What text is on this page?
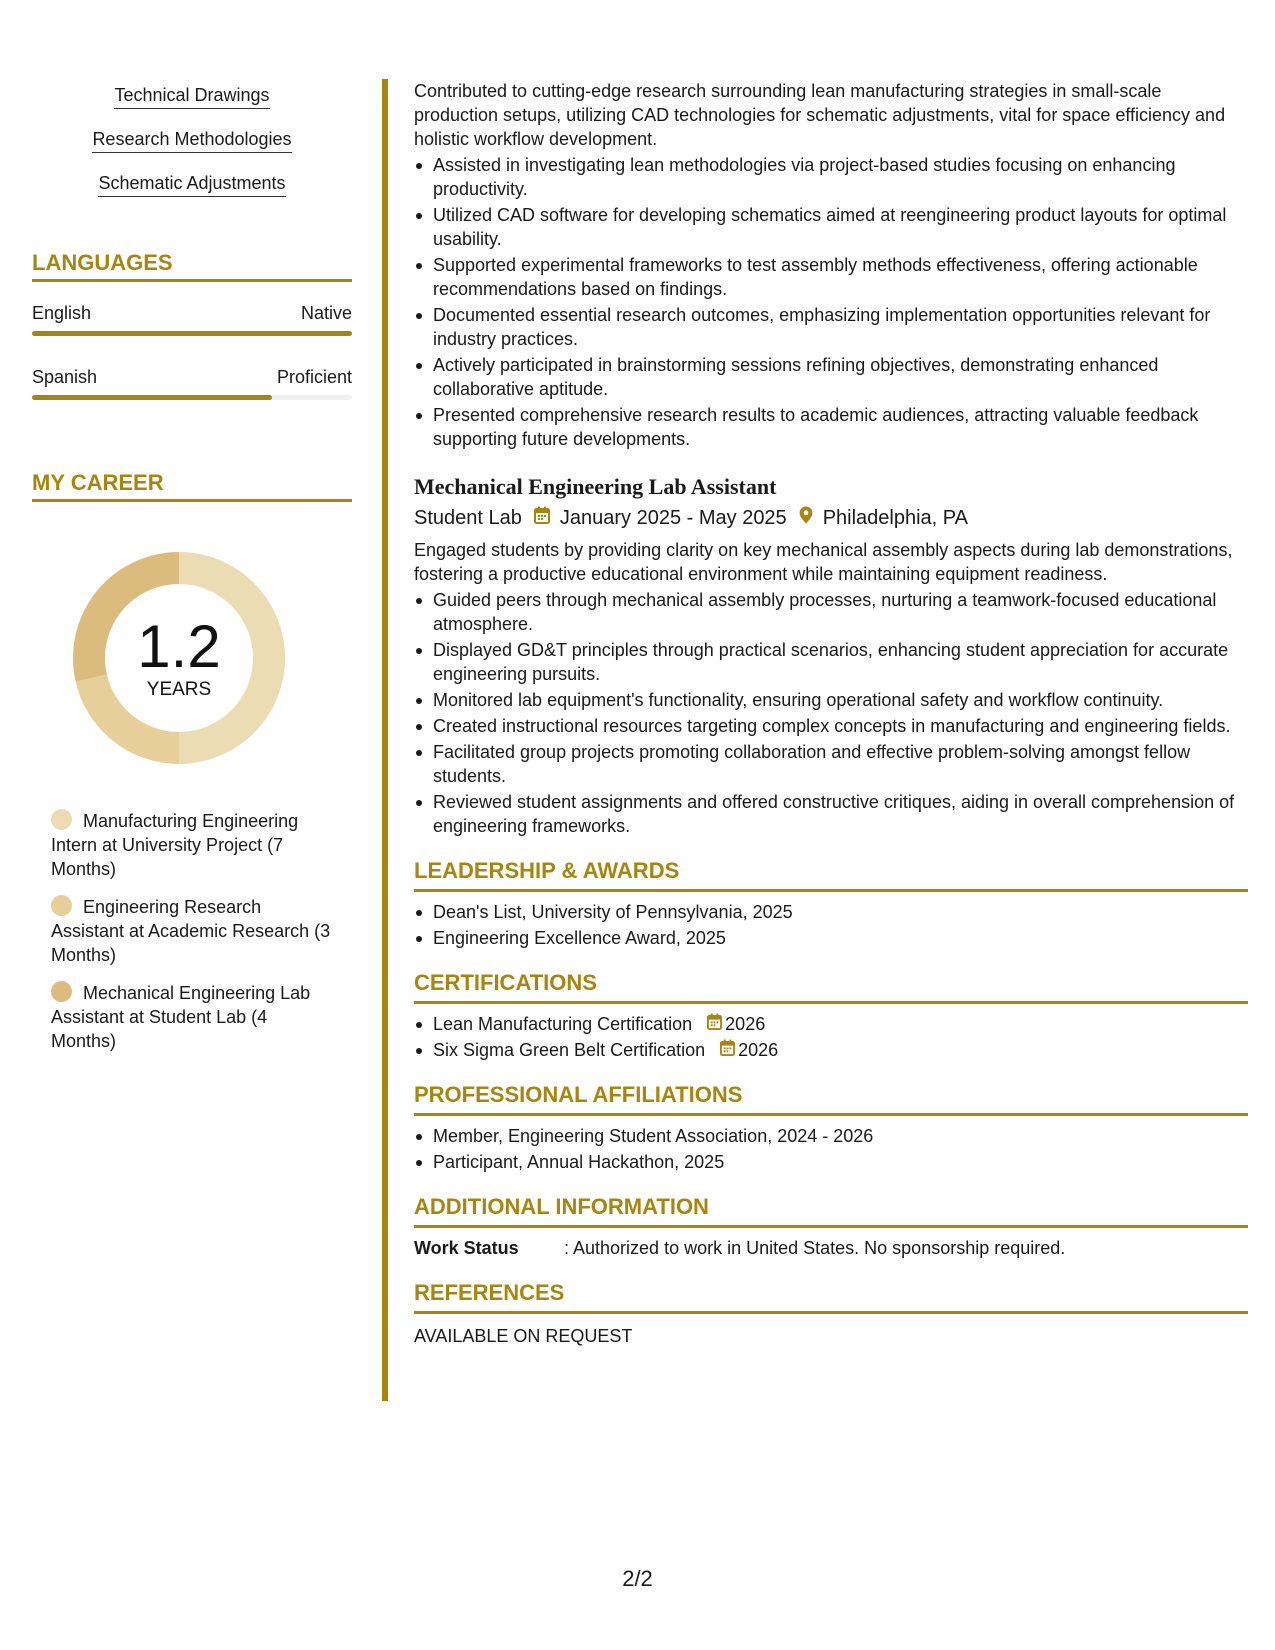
Technical Drawings
Research Methodologies
Schematic Adjustments
LANGUAGES
English	Native
Spanish	Proficient
MY CAREER
1.2
YEARS
Manufacturing Engineering Intern at University Project (7 Months)
Engineering Research Assistant at Academic Research (3 Months)
Mechanical Engineering Lab Assistant at Student Lab (4 Months)

Contributed to cutting-edge research surrounding lean manufacturing strategies in small-scale production setups, utilizing CAD technologies for schematic adjustments, vital for space efficiency and holistic workflow development.

Assisted in investigating lean methodologies via project-based studies focusing on enhancing productivity.
Utilized CAD software for developing schematics aimed at reengineering product layouts for optimal usability.
Supported experimental frameworks to test assembly methods effectiveness, offering actionable recommendations based on findings.
Documented essential research outcomes, emphasizing implementation opportunities relevant for industry practices.
Actively participated in brainstorming sessions refining objectives, demonstrating enhanced collaborative aptitude.
Presented comprehensive research results to academic audiences, attracting valuable feedback supporting future developments.
Mechanical Engineering Lab Assistant
Student Lab January 2025 - May 2025 Philadelphia, PA

Engaged students by providing clarity on key mechanical assembly aspects during lab demonstrations, fostering a productive educational environment while maintaining equipment readiness.

Guided peers through mechanical assembly processes, nurturing a teamwork-focused educational atmosphere.
Displayed GD&T principles through practical scenarios, enhancing student appreciation for accurate engineering pursuits.
Monitored lab equipment's functionality, ensuring operational safety and workflow continuity.
Created instructional resources targeting complex concepts in manufacturing and engineering fields.
Facilitated group projects promoting collaboration and effective problem-solving amongst fellow students.
Reviewed student assignments and offered constructive critiques, aiding in overall comprehension of engineering frameworks.
LEADERSHIP & AWARDS
Dean's List, University of Pennsylvania, 2025
Engineering Excellence Award, 2025
CERTIFICATIONS
Lean Manufacturing Certification 2026
Six Sigma Green Belt Certification 2026
PROFESSIONAL AFFILIATIONS
Member, Engineering Student Association, 2024 - 2026
Participant, Annual Hackathon, 2025
ADDITIONAL INFORMATION
Work Status	: Authorized to work in United States. No sponsorship required.
REFERENCES
AVAILABLE ON REQUEST
2/2
